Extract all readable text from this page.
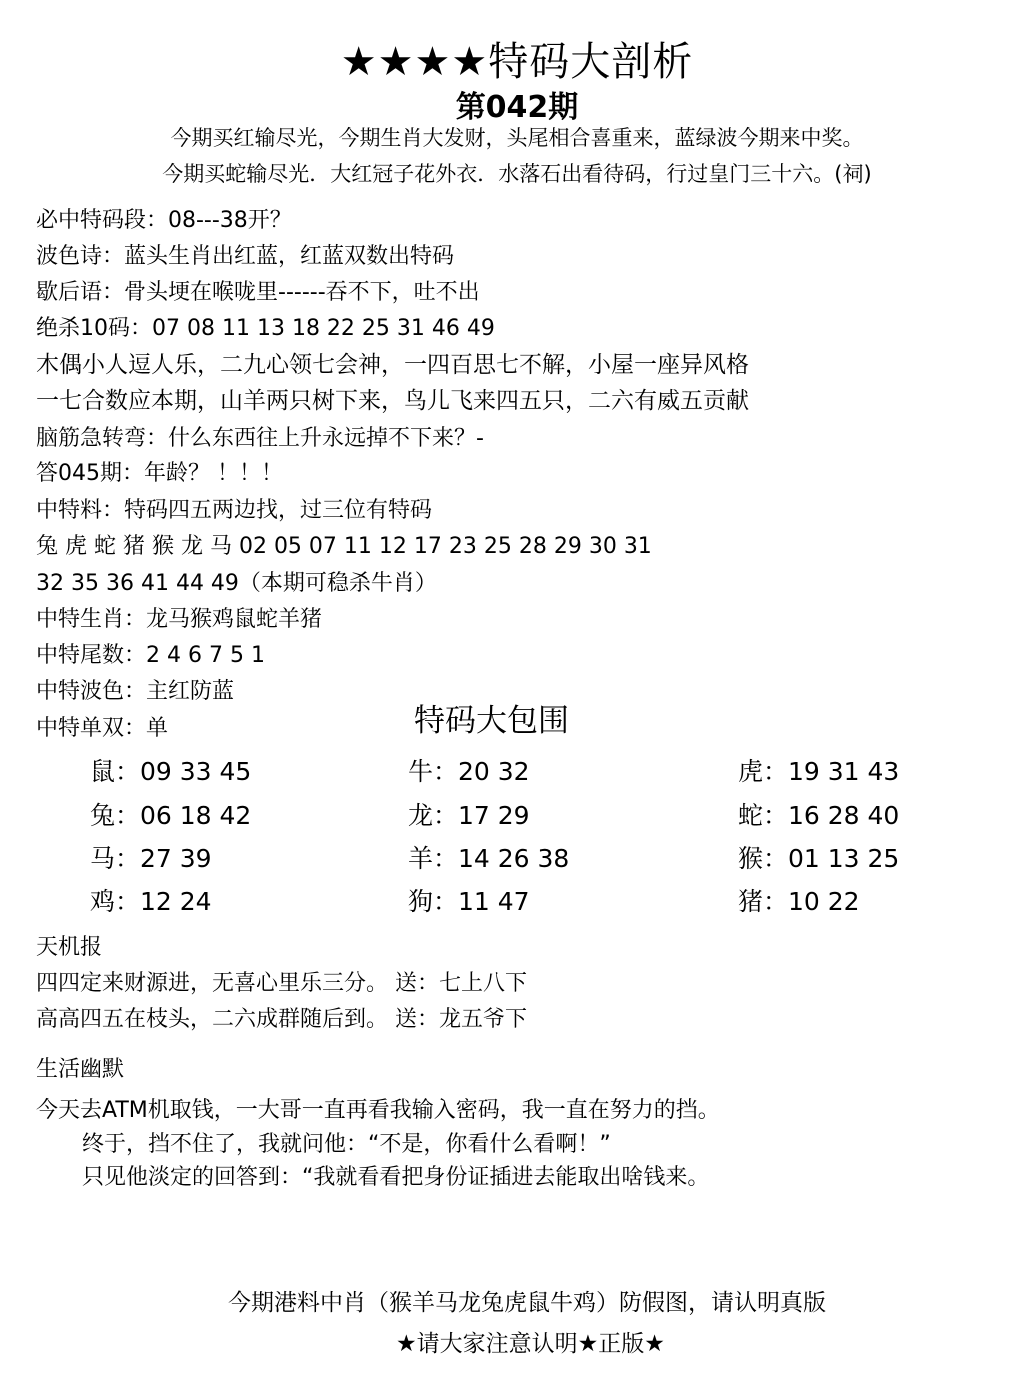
★★★★特码大剖析
第042期
今期买红输尽光，今期生肖大发财，头尾相合喜重来，蓝绿波今期来中奖。
今期买蛇输尽光．大红冠子花外衣．水落石出看待码，行过皇门三十六。(祠)
必中特码段：08---38开？
波色诗：蓝头生肖出红蓝，红蓝双数出特码
歇后语：骨头埂在喉咙里------吞不下，吐不出
绝杀10码：07 08 11 13 18 22 25 31 46 49
木偶小人逗人乐，二九心领七会神，一四百思七不解，小屋一座异风格
一七合数应本期，山羊两只树下来，鸟儿飞来四五只，二六有威五贡献
脑筋急转弯：什么东西往上升永远掉不下来？-
答045期：年龄？ ！！！
中特料：特码四五两边找，过三位有特码
兔 虎 蛇 猪 猴 龙 马 02 05 07 11 12 17 23 25 28 29 30 31
32 35 36 41 44 49（本期可稳杀牛肖）
中特生肖：龙马猴鸡鼠蛇羊猪
中特尾数：2 4 6 7 5 1
中特波色：主红防蓝
中特单双：单	特码大包围
鼠：09 33 45	牛：20 32	虎：19 31 43
兔：06 18 42	龙：17 29	蛇：16 28 40
马：27 39	羊：14 26 38	猴：01 13 25
鸡：12 24	狗：11 47	猪：10 22
天机报
四四定来财源进，无喜心里乐三分。 送：七上八下
高高四五在枝头，二六成群随后到。 送：龙五爷下
生活幽默
今天去ATM机取钱，一大哥一直再看我输入密码，我一直在努力的挡。
终于，挡不住了，我就问他：“不是，你看什么看啊！”
只见他淡定的回答到：“我就看看把身份证插进去能取出啥钱来。
今期港料中肖（猴羊马龙兔虎鼠牛鸡）防假图，请认明真版
★请大家注意认明★正版★
